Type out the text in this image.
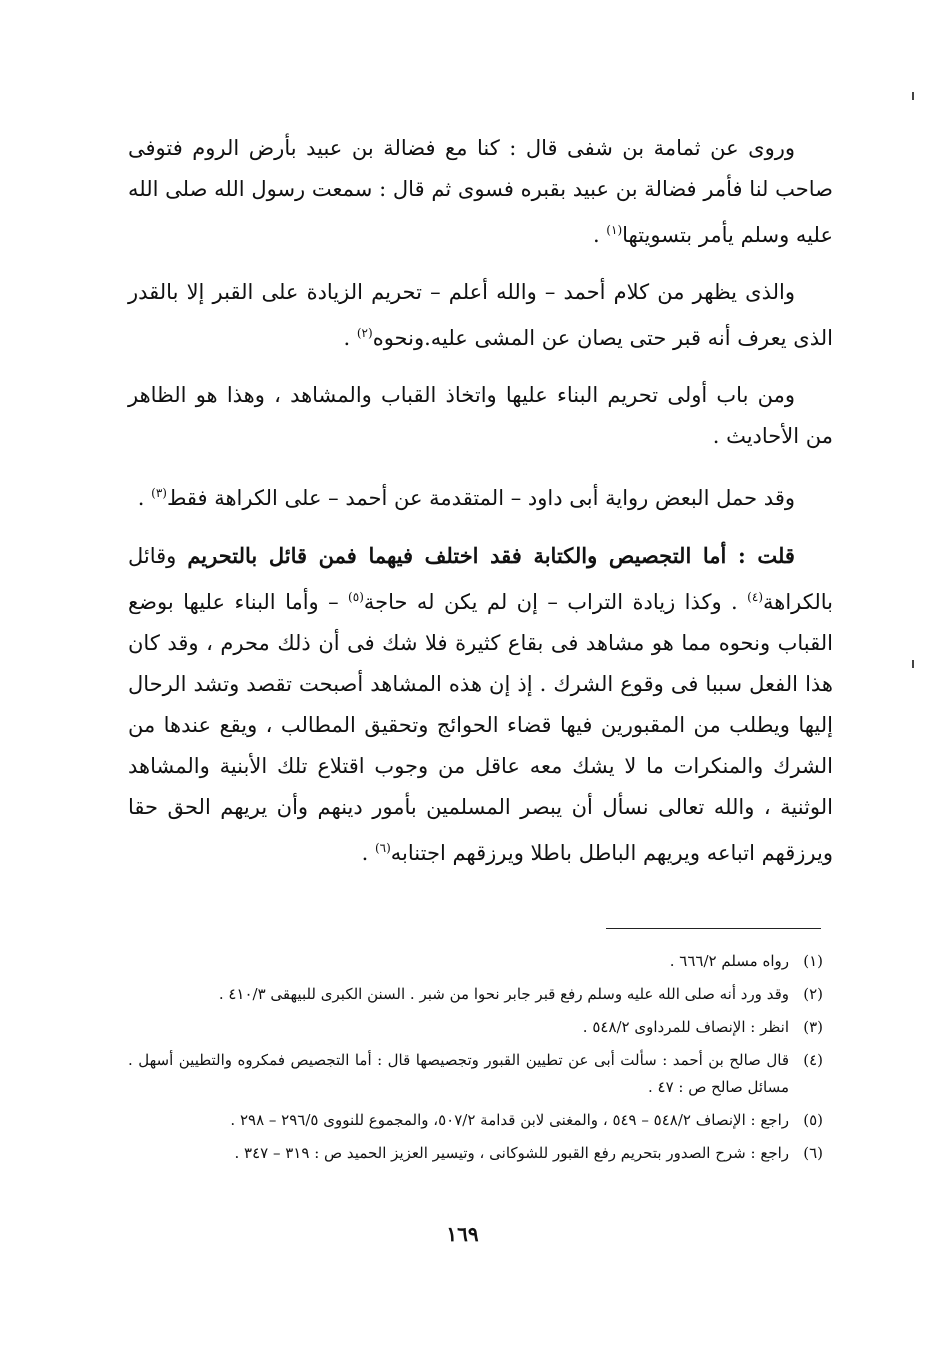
وروى عن ثمامة بن شفى قال : كنا مع فضالة بن عبيد بأرض الروم فتوفى صاحب لنا فأمر فضالة بن عبيد بقبره فسوى ثم قال : سمعت رسول الله صلى الله عليه وسلم يأمر بتسويتها$^{(١)}$ .

والذى يظهر من كلام أحمد – والله أعلم – تحريم الزيادة على القبر إلا بالقدر الذى يعرف أنه قبر حتى يصان عن المشى عليه.ونحوه$^{(٢)}$ .

ومن باب أولى تحريم البناء عليها واتخاذ القباب والمشاهد ، وهذا هو الظاهر من الأحاديث .

وقد حمل البعض رواية أبى داود – المتقدمة عن أحمد – على الكراهة فقط$^{(٣)}$ .

قلت : أما التجصيص والكتابة فقد اختلف فيهما فمن قائل بالتحريم وقائل بالكراهة$^{(٤)}$ . وكذا زيادة التراب – إن لم يكن له حاجة$^{(٥)}$ – وأما البناء عليها بوضع القباب ونحوه مما هو مشاهد فى بقاع كثيرة فلا شك فى أن ذلك محرم ، وقد كان هذا الفعل سببا فى وقوع الشرك . إذ إن هذه المشاهد أصبحت تقصد وتشد الرحال إليها ويطلب من المقبورين فيها قضاء الحوائج وتحقيق المطالب ، ويقع عندها من الشرك والمنكرات ما لا يشك معه عاقل من وجوب اقتلاع تلك الأبنية والمشاهد الوثنية ، والله تعالى نسأل أن يبصر المسلمين بأمور دينهم وأن يريهم الحق حقا ويرزقهم اتباعه ويريهم الباطل باطلا ويرزقهم اجتنابه$^{(٦)}$ .

(١)
رواه مسلم ٦٦٦/٢ .
(٢)
وقد ورد أنه صلى الله عليه وسلم رفع قبر جابر نحوا من شبر . السنن الكبرى للبيهقى ٤١٠/٣ .
(٣)
انظر : الإنصاف للمرداوى ٥٤٨/٢ .
(٤)
قال صالح بن أحمد : سألت أبى عن تطيين القبور وتجصيصها قال : أما التجصيص فمكروه والتطيين أسهل . مسائل صالح ص : ٤٧ .
(٥)
راجع : الإنصاف ٥٤٨/٢ – ٥٤٩ ، والمغنى لابن قدامة ٥٠٧/٢، والمجموع للنووى ٢٩٦/٥ – ٢٩٨ .
(٦)
راجع : شرح الصدور بتحريم رفع القبور للشوكانى ، وتيسير العزيز الحميد ص : ٣١٩ – ٣٤٧ .
١٦٩
